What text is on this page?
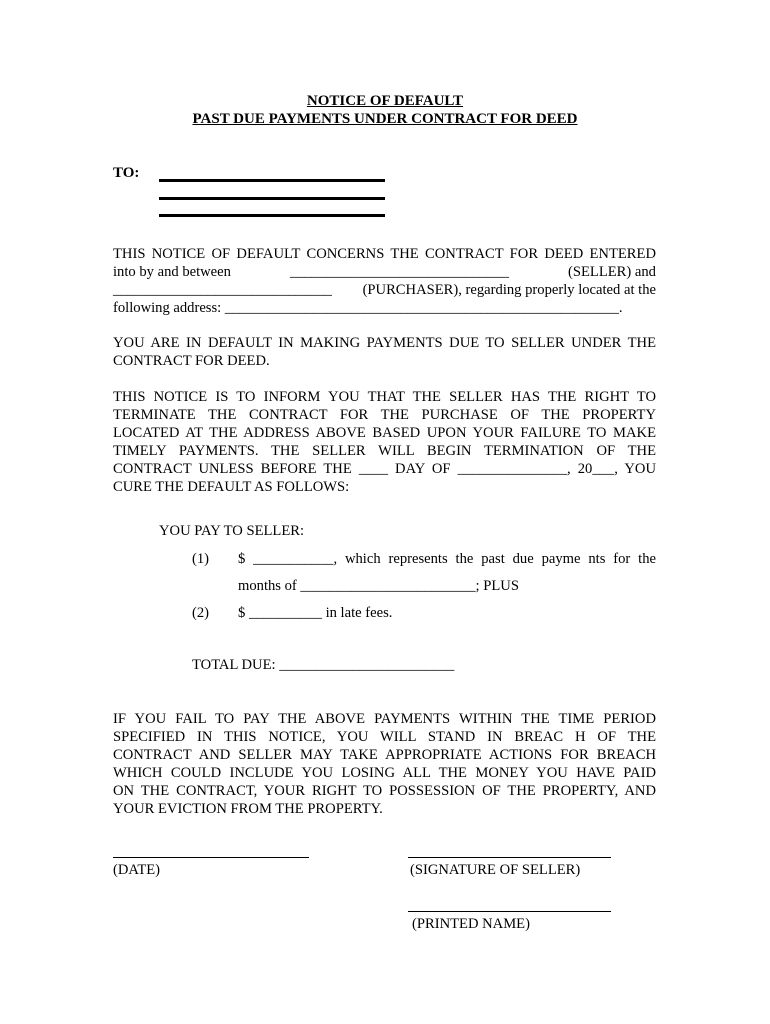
NOTICE OF DEFAULT
PAST DUE PAYMENTS UNDER CONTRACT FOR DEED
TO:
THIS NOTICE OF DEFAULT CONCERNS THE CONTRACT FOR DEED ENTERED
into by and between	______________________________	(SELLER) and
______________________________ (PURCHASER), regarding properly located at the
following address: ______________________________________________________.
YOU ARE IN DEFAULT IN MAKING PAYMENTS DUE TO SELLER UNDER THE CONTRACT FOR DEED.
THIS NOTICE IS TO INFORM YOU THAT THE SELLER HAS THE RIGHT TO
TERMINATE THE CONTRACT FOR THE PURCHASE OF THE PROPERTY
LOCATED AT THE ADDRESS ABOVE BASED UPON YOUR FAILURE TO MAKE
TIMELY PAYMENTS. THE SELLER WILL BEGIN TERMINATION OF THE
CONTRACT UNLESS BEFORE THE ____ DAY OF _______________, 20___, YOU
CURE THE DEFAULT AS FOLLOWS:
YOU PAY TO SELLER:
(1) $ ___________, which represents the past due payme nts for the
months of ________________________; PLUS
(2) $ __________ in late fees.
TOTAL DUE: ________________________
IF YOU FAIL TO PAY THE ABOVE PAYMENTS WITHIN THE TIME PERIOD
SPECIFIED IN THIS NOTICE, YOU WILL STAND IN BREAC H OF THE
CONTRACT AND SELLER MAY TAKE APPROPRIATE ACTIONS FOR BREACH
WHICH COULD INCLUDE YOU LOSING ALL THE MONEY YOU HAVE PAID
ON THE CONTRACT, YOUR RIGHT TO POSSESSION OF THE PROPERTY, AND
YOUR EVICTION FROM THE PROPERTY.
(DATE)	(SIGNATURE OF SELLER)
(PRINTED NAME)
